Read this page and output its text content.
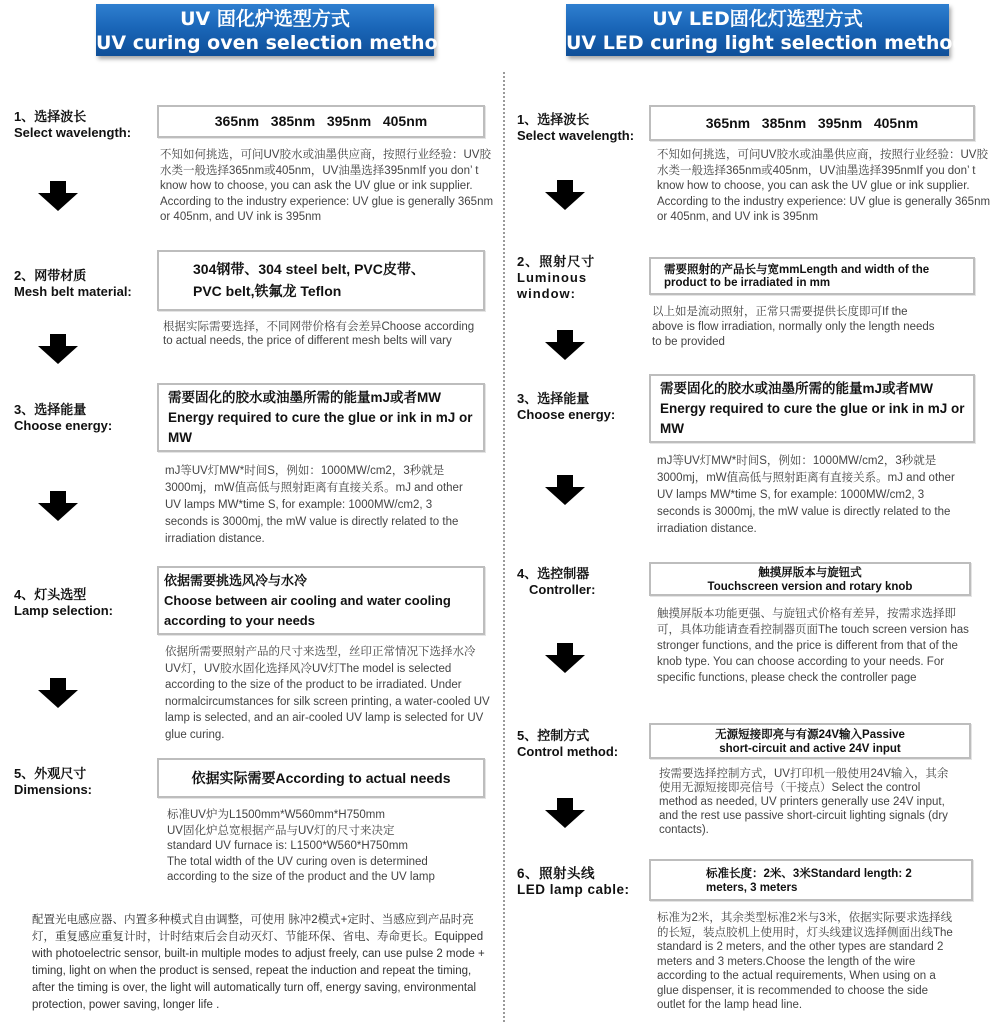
UV 固化炉选型方式
UV curing oven selection method
UV LED固化灯选型方式
UV LED curing light selection method
1、选择波长
Select wavelength:
365nm   385nm   395nm   405nm
不知如何挑选，可问UV胶水或油墨供应商，按照行业经验：UV胶水类一般选择365nm或405nm，UV油墨选择395nmIf you don’ t know how to choose, you can ask the UV glue or ink supplier. According to the industry experience: UV glue is generally 365nm or 405nm, and UV ink is 395nm
2、网带材质
Mesh belt material:
304钢带、304 steel belt, PVC皮带、
PVC belt,铁氟龙 Teflon
根据实际需要选择，不同网带价格有会差异Choose according to actual needs, the price of different mesh belts will vary
3、选择能量
Choose energy:
需要固化的胶水或油墨所需的能量mJ或者MW
Energy required to cure the glue or ink in mJ or MW
mJ等UV灯MW*时间S，例如：1000MW/cm2，3秒就是3000mj，mW值高低与照射距离有直接关系。mJ and other UV lamps MW*time S, for example: 1000MW/cm2, 3 seconds is 3000mj, the mW value is directly related to the irradiation distance.
4、灯头选型
Lamp selection:
依据需要挑选风冷与水冷
Choose between air cooling and water cooling according to your needs
依据所需要照射产品的尺寸来选型，丝印正常情况下选择水冷UV灯，UV胶水固化选择风冷UV灯The model is selected according to the size of the product to be irradiated. Under normalcircumstances for silk screen printing, a water-cooled UV lamp is selected, and an air-cooled UV lamp is selected for UV glue curing.
5、外观尺寸
Dimensions:
依据实际需要According to actual needs
标准UV炉为L1500mm*W560mm*H750mm
UV固化炉总宽根据产品与UV灯的尺寸来决定
standard UV furnace is: L1500*W560*H750mm
The total width of the UV curing oven is determined
according to the size of the product and the UV lamp
配置光电感应器、内置多种模式自由调整，可使用 脉冲2模式+定时、当感应到产品时亮灯，重复感应重复计时，计时结束后会自动灭灯、节能环保、省电、寿命更长。Equipped with photoelectric sensor, built-in multiple modes to adjust freely, can use pulse 2 mode + timing, light on when the product is sensed, repeat the induction and repeat the timing, after the timing is over, the light will automatically turn off, energy saving, environmental protection, power saving, longer life .
1、选择波长
Select wavelength:
365nm   385nm   395nm   405nm
不知如何挑选，可问UV胶水或油墨供应商，按照行业经验：UV胶水类一般选择365nm或405nm，UV油墨选择395nmIf you don’ t know how to choose, you can ask the UV glue or ink supplier. According to the industry experience: UV glue is generally 365nm or 405nm, and UV ink is 395nm
2、照射尺寸
Luminous
window:
需要照射的产品长与宽mmLength and width of the product to be irradiated in mm
以上如是流动照射，正常只需要提供长度即可If the above is flow irradiation, normally only the length needs to be provided
3、选择能量
Choose energy:
需要固化的胶水或油墨所需的能量mJ或者MW
Energy required to cure the glue or ink in mJ or MW
mJ等UV灯MW*时间S，例如：1000MW/cm2，3秒就是3000mj，mW值高低与照射距离有直接关系。mJ and other UV lamps MW*time S, for example: 1000MW/cm2, 3 seconds is 3000mj, the mW value is directly related to the irradiation distance.
4、选控制器
Controller:
触摸屏版本与旋钮式
Touchscreen version and rotary knob
触摸屏版本功能更强、与旋钮式价格有差异，按需求选择即可，具体功能请查看控制器页面The touch screen version has stronger functions, and the price is different from that of the knob type. You can choose according to your needs. For specific functions, please check the controller page
5、控制方式
Control method:
无源短接即亮与有源24V输入Passive
short-circuit and active 24V input
按需要选择控制方式，UV打印机一般使用24V输入，其余使用无源短接即亮信号（干接点）Select the control method as needed, UV printers generally use 24V input, and the rest use passive short-circuit lighting signals (dry contacts).
6、照射头线
LED lamp cable:
标准长度：2米、3米Standard length: 2 meters, 3 meters
标准为2米，其余类型标准2米与3米，依据实际要求选择线的长短，装点胶机上使用时，灯头线建议选择侧面出线The standard is 2 meters, and the other types are standard 2 meters and 3 meters.Choose the length of the wire according to the actual requirements, When using on a glue dispenser, it is recommended to choose the side outlet for the lamp head line.
